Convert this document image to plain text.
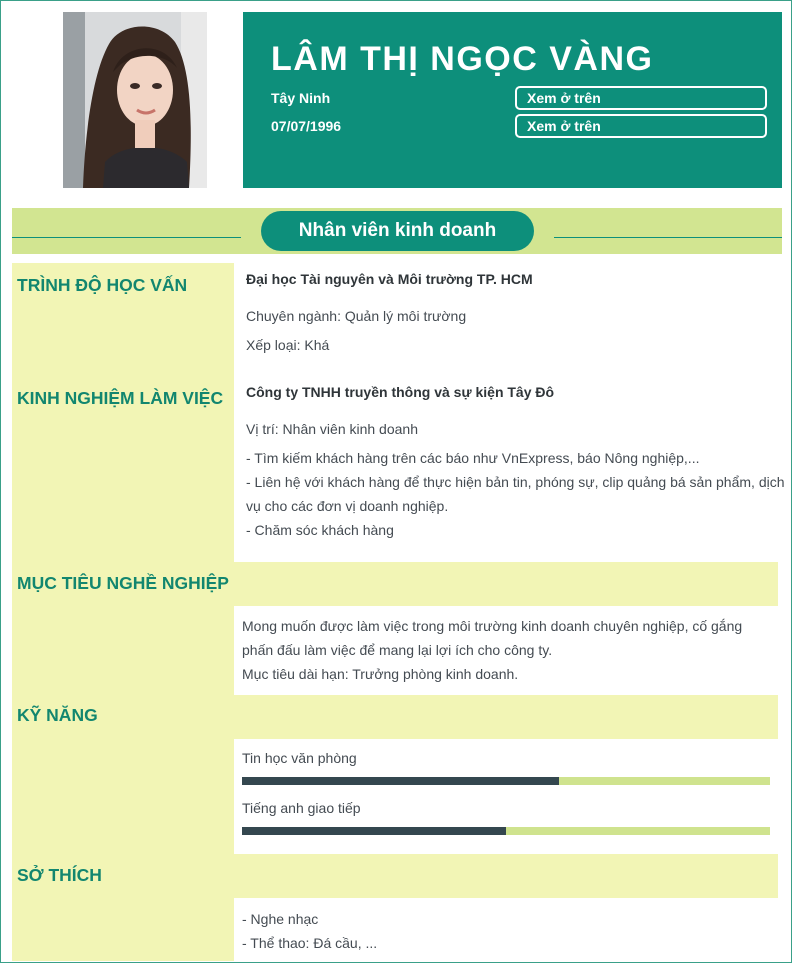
LÂM THỊ NGỌC VÀNG
Tây Ninh
07/07/1996
Xem ở trên
Xem ở trên
Nhân viên kinh doanh
TRÌNH ĐỘ HỌC VẤN	Đại học Tài nguyên và Môi trường TP. HCM
Chuyên ngành: Quản lý môi trường
Xếp loại: Khá
KINH NGHIỆM LÀM VIỆC Công ty TNHH truyền thông và sự kiện Tây Đô
Vị trí: Nhân viên kinh doanh
- Tìm kiếm khách hàng trên các báo như VnExpress, báo Nông nghiệp,...
- Liên hệ với khách hàng để thực hiện bản tin, phóng sự, clip quảng bá sản phẩm, dịch
vụ cho các đơn vị doanh nghiệp.
- Chăm sóc khách hàng
MỤC TIÊU NGHỀ NGHIỆP
Mong muốn được làm việc trong môi trường kinh doanh chuyên nghiệp, cố gắng
phấn đấu làm việc để mang lại lợi ích cho công ty.
Mục tiêu dài hạn: Trưởng phòng kinh doanh.
KỸ NĂNG
Tin học văn phòng
Tiếng anh giao tiếp
SỞ THÍCH
- Nghe nhạc
- Thể thao: Đá cầu, ...
